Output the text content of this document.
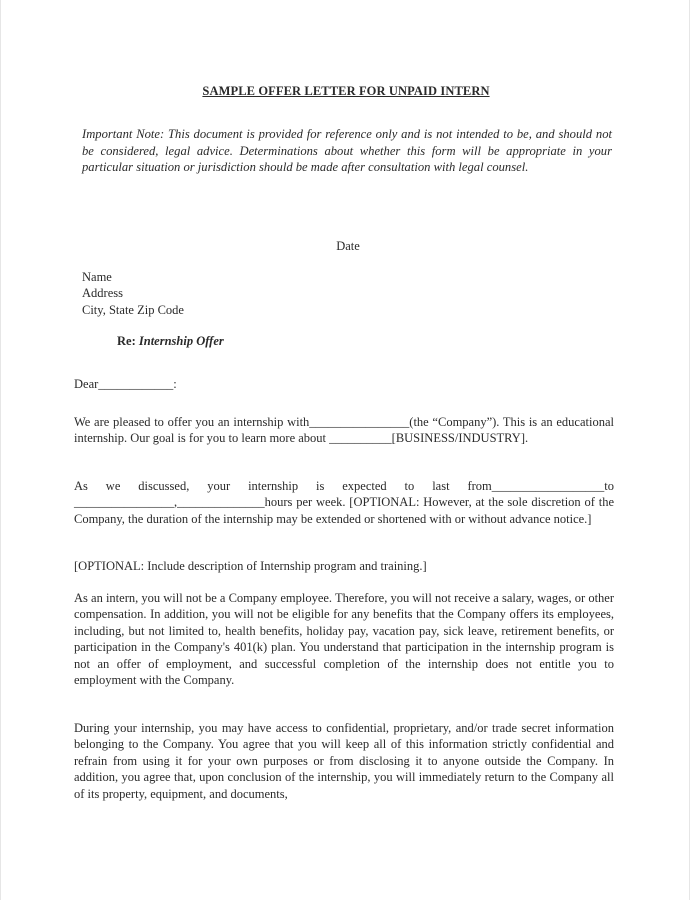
SAMPLE OFFER LETTER FOR UNPAID INTERN

Important Note: This document is provided for reference only and is not intended to be, and should not be considered, legal advice. Determinations about whether this form will be appropriate in your particular situation or jurisdiction should be made after consultation with legal counsel.

Date
Name
Address
City, State Zip Code
Re: Internship Offer
Dear____________:

We are pleased to offer you an internship with________________(the “Company”). This is an educational internship. Our goal is for you to learn more about __________[BUSINESS/INDUSTRY].

As we discussed, your internship is expected to last from__________________to ________________,______________hours per week. [OPTIONAL: However, at the sole discretion of the Company, the duration of the internship may be extended or shortened with or without advance notice.]

[OPTIONAL: Include description of Internship program and training.]

As an intern, you will not be a Company employee. Therefore, you will not receive a salary, wages, or other compensation. In addition, you will not be eligible for any benefits that the Company offers its employees, including, but not limited to, health benefits, holiday pay, vacation pay, sick leave, retirement benefits, or participation in the Company's 401(k) plan. You understand that participation in the internship program is not an offer of employment, and successful completion of the internship does not entitle you to employment with the Company.

During your internship, you may have access to confidential, proprietary, and/or trade secret information belonging to the Company. You agree that you will keep all of this information strictly confidential and refrain from using it for your own purposes or from disclosing it to anyone outside the Company. In addition, you agree that, upon conclusion of the internship, you will immediately return to the Company all of its property, equipment, and documents,
